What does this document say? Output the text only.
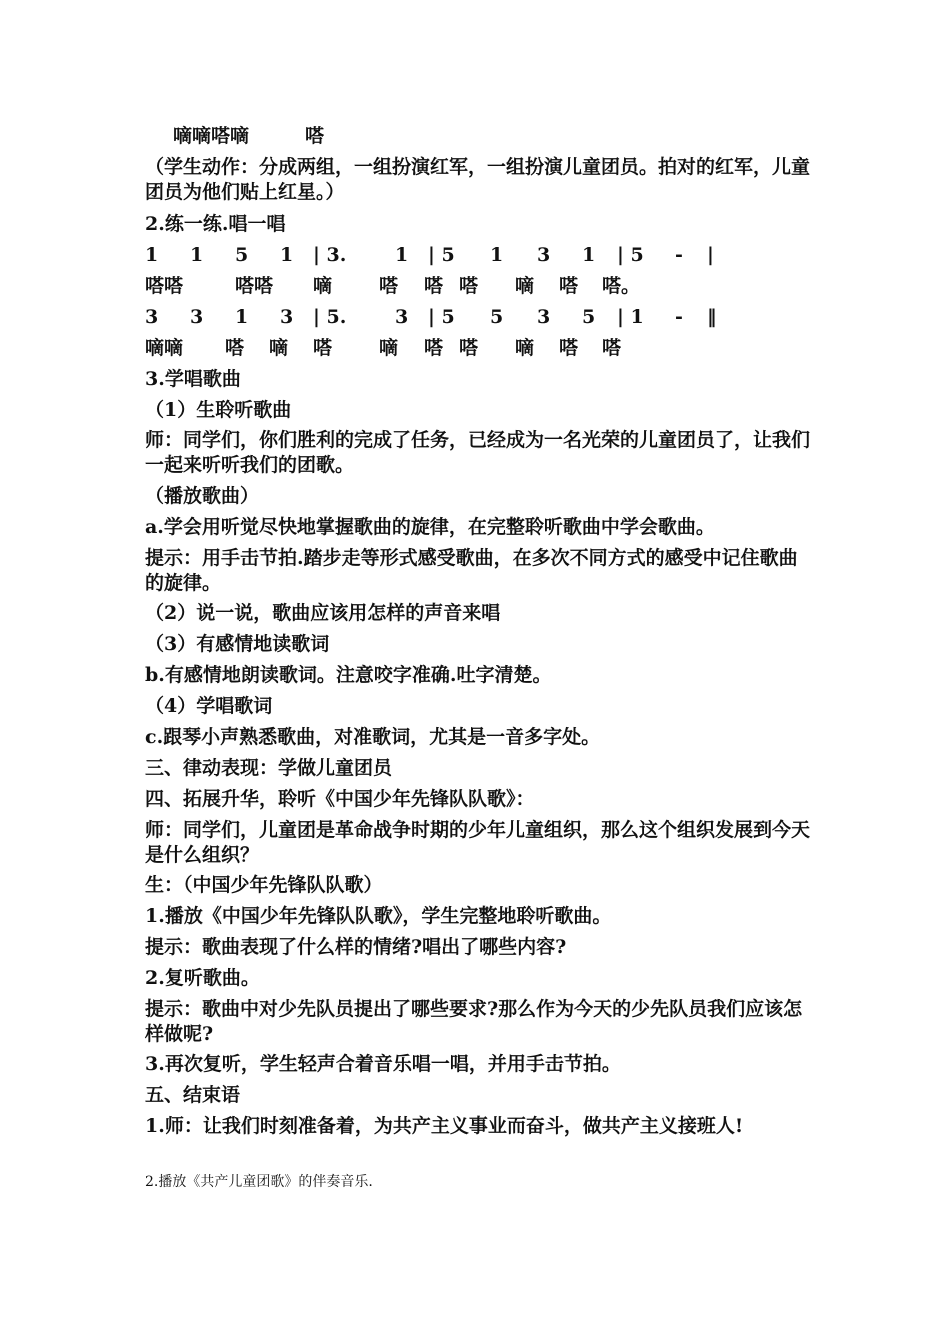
嘀嘀嗒嘀	嗒
（学生动作：分成两组，一组扮演红军，一组扮演儿童团员。拍对的红军，儿童团员为他们贴上红星。）
2.练一练.唱一唱
1 1 5 1 | 3.	1 | 5 1 3 1 | 5 - |
嗒嗒	嗒嗒 嘀 嗒 嗒 嗒 嘀 嗒 嗒。
3 3 1 3 | 5.	3 | 5 5 3 5 | 1 - ‖
嘀嘀 嗒 嘀 嗒 嘀 嗒 嗒 嘀 嗒 嗒
3.学唱歌曲
（1）生聆听歌曲
师：同学们，你们胜利的完成了任务，已经成为一名光荣的儿童团员了，让我们一起来听听我们的团歌。
（播放歌曲）
a.学会用听觉尽快地掌握歌曲的旋律，在完整聆听歌曲中学会歌曲。
提示：用手击节拍.踏步走等形式感受歌曲，在多次不同方式的感受中记住歌曲的旋律。
（2）说一说，歌曲应该用怎样的声音来唱
（3）有感情地读歌词
b.有感情地朗读歌词。注意咬字准确.吐字清楚。
（4）学唱歌词
c.跟琴小声熟悉歌曲，对准歌词，尤其是一音多字处。
三、律动表现：学做儿童团员
四、拓展升华，聆听《中国少年先锋队队歌》：
师：同学们，儿童团是革命战争时期的少年儿童组织，那么这个组织发展到今天是什么组织？
生：（中国少年先锋队队歌）
1.播放《中国少年先锋队队歌》，学生完整地聆听歌曲。
提示：歌曲表现了什么样的情绪?唱出了哪些内容?
2.复听歌曲。
提示：歌曲中对少先队员提出了哪些要求?那么作为今天的少先队员我们应该怎样做呢?
3.再次复听，学生轻声合着音乐唱一唱，并用手击节拍。
五、结束语
1.师：让我们时刻准备着，为共产主义事业而奋斗，做共产主义接班人!
2.播放《共产儿童团歌》的伴奏音乐.
